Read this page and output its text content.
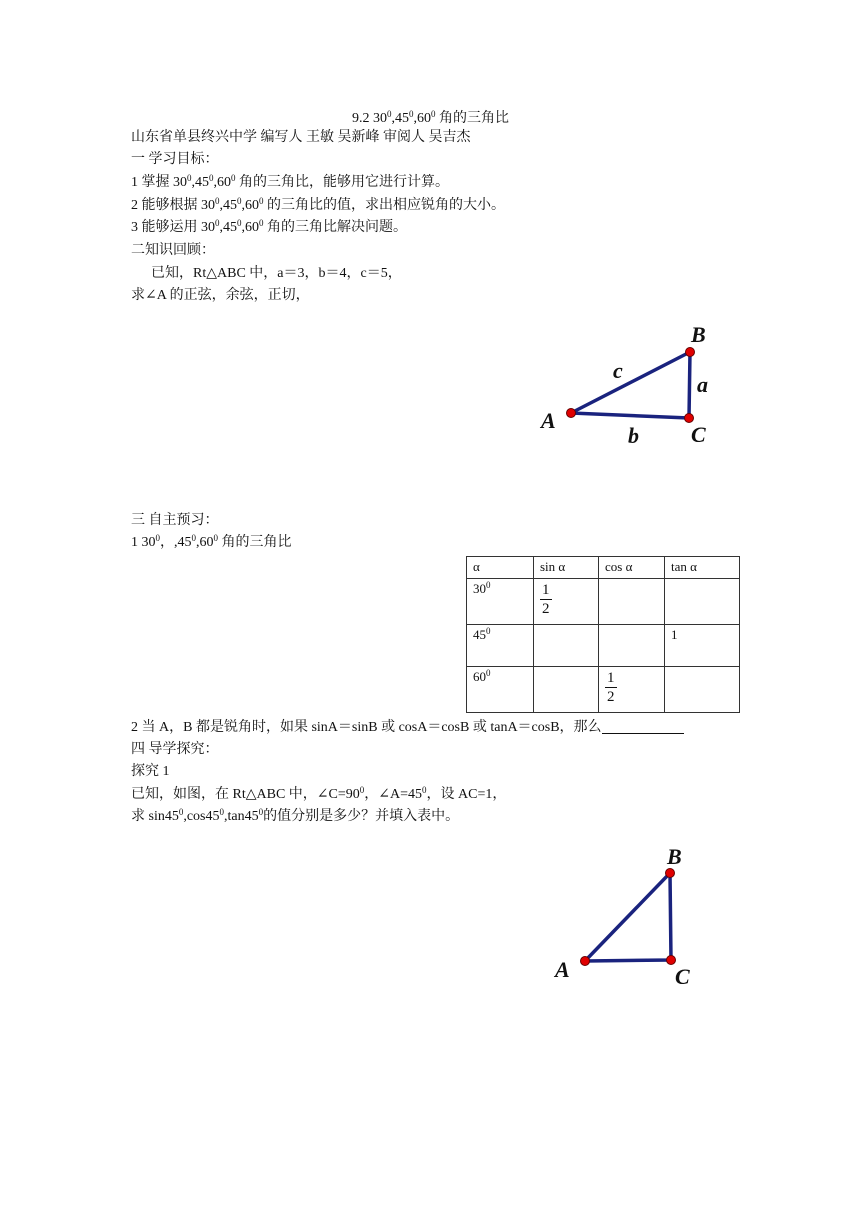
9.2 $30^0,45^0,60^0$ 角的三角比
山东省单县终兴中学 编写人 王敏 吴新峰 审阅人 吴吉杰
一 学习目标：
1 掌握 $30^0,45^0,60^0$ 角的三角比，能够用它进行计算。
2 能够根据 $30^0,45^0,60^0$ 的三角比的值，求出相应锐角的大小。
3 能够运用 $30^0,45^0,60^0$ 角的三角比解决问题。
二知识回顾：
已知，Rt△ABC 中，a＝3，b＝4，c＝5，
求∠A 的正弦，余弦，正切，
A
B
C
a
b
c
A
B
C
三 自主预习：
1 $30^0$，$,45^0,60^0$ 角的三角比
α	sin α	cos α	tan α
$30^0$	$\frac{1}{2}$

$45^0$			1
$60^0$		$\frac{1}{2}$

2 当 A，B 都是锐角时，如果 sinA＝sinB 或 cosA＝cosB 或 tanA＝cosB，那么
四 导学探究：
探究 1
已知，如图，在 Rt△ABC 中，$\angle C=90^0$，$\angle A=45^0$，设 AC=1，
求 $\sin 45^0,\cos 45^0,\tan 45^0$的值分别是多少？并填入表中。
